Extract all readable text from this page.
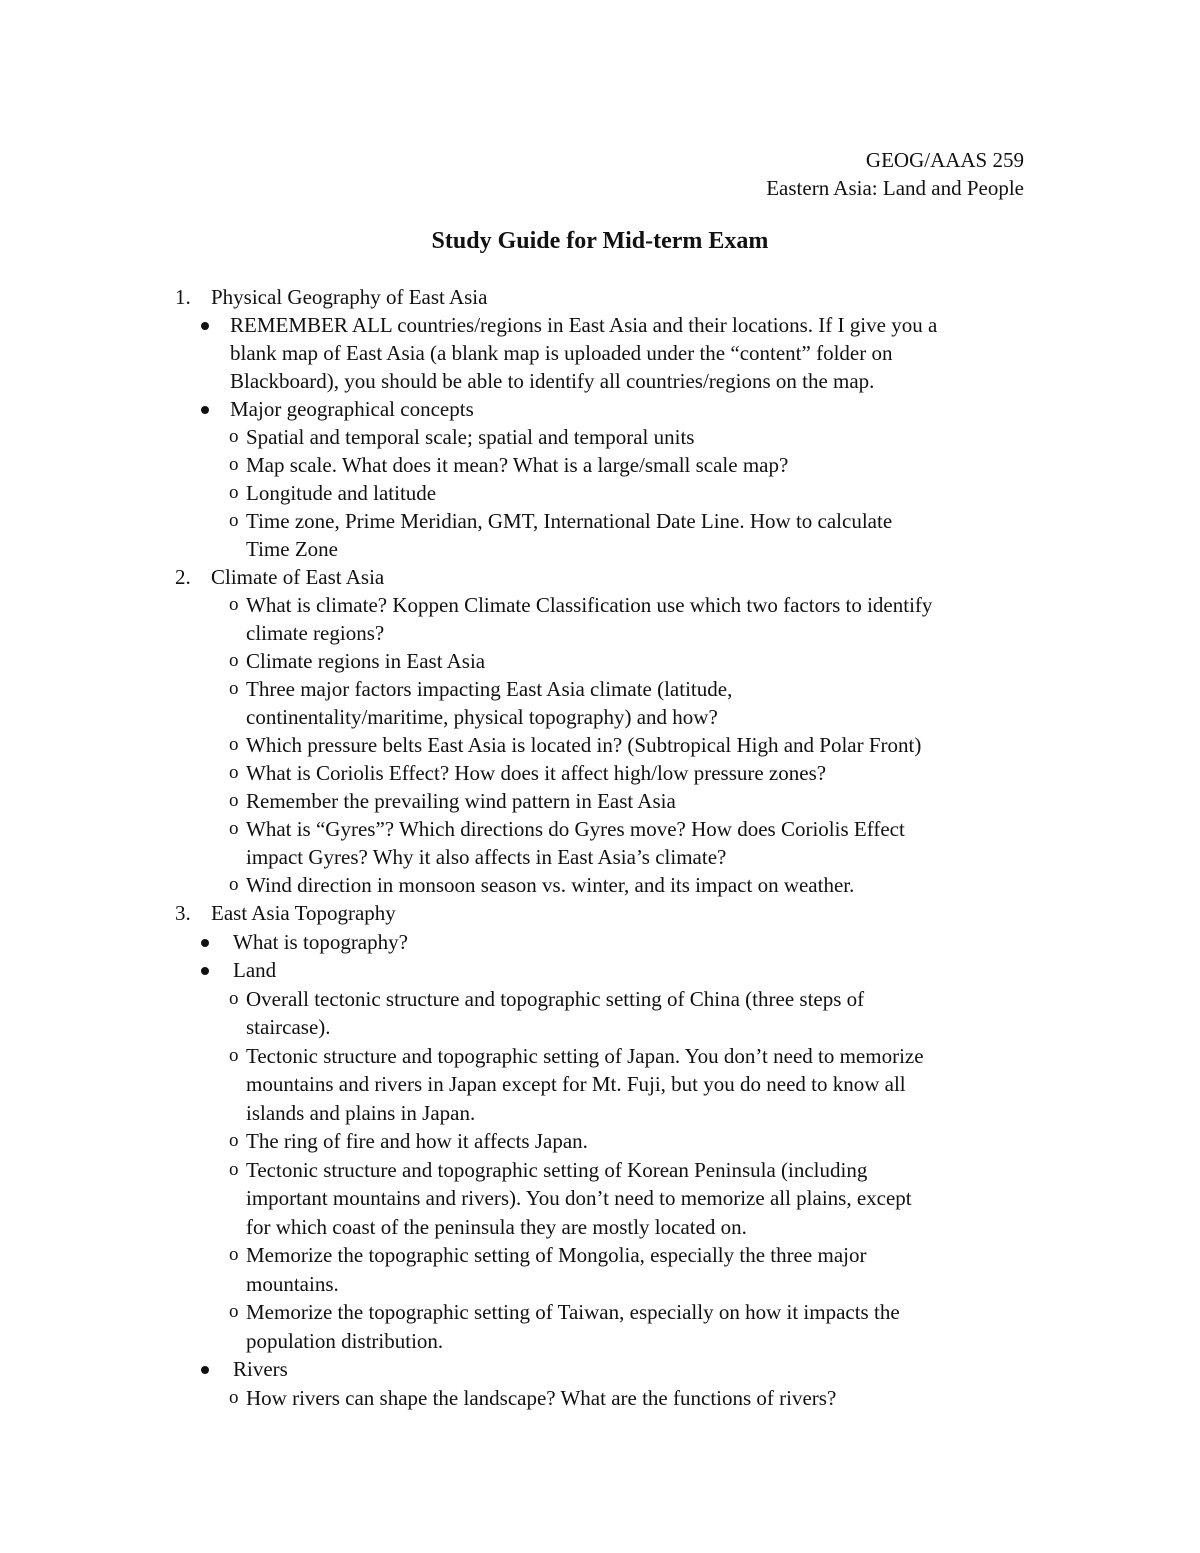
GEOG/AAAS 259
Eastern Asia: Land and People
Study Guide for Mid-term Exam
1. Physical Geography of East Asia
REMEMBER ALL countries/regions in East Asia and their locations. If I give you a
blank map of East Asia (a blank map is uploaded under the “content” folder on
Blackboard), you should be able to identify all countries/regions on the map.
Major geographical concepts
o Spatial and temporal scale; spatial and temporal units
o Map scale. What does it mean? What is a large/small scale map?
o Longitude and latitude
o Time zone, Prime Meridian, GMT, International Date Line. How to calculate
Time Zone
2. Climate of East Asia
o What is climate? Koppen Climate Classification use which two factors to identify
climate regions?
o Climate regions in East Asia
o Three major factors impacting East Asia climate (latitude,
continentality/maritime, physical topography) and how?
o Which pressure belts East Asia is located in? (Subtropical High and Polar Front)
o What is Coriolis Effect? How does it affect high/low pressure zones?
o Remember the prevailing wind pattern in East Asia
o What is “Gyres”? Which directions do Gyres move? How does Coriolis Effect
impact Gyres? Why it also affects in East Asia’s climate?
o Wind direction in monsoon season vs. winter, and its impact on weather.
3. East Asia Topography
What is topography?
Land
o Overall tectonic structure and topographic setting of China (three steps of
staircase).
o Tectonic structure and topographic setting of Japan. You don’t need to memorize
mountains and rivers in Japan except for Mt. Fuji, but you do need to know all
islands and plains in Japan.
o The ring of fire and how it affects Japan.
o Tectonic structure and topographic setting of Korean Peninsula (including
important mountains and rivers). You don’t need to memorize all plains, except
for which coast of the peninsula they are mostly located on.
o Memorize the topographic setting of Mongolia, especially the three major
mountains.
o Memorize the topographic setting of Taiwan, especially on how it impacts the
population distribution.
Rivers
o How rivers can shape the landscape? What are the functions of rivers?
